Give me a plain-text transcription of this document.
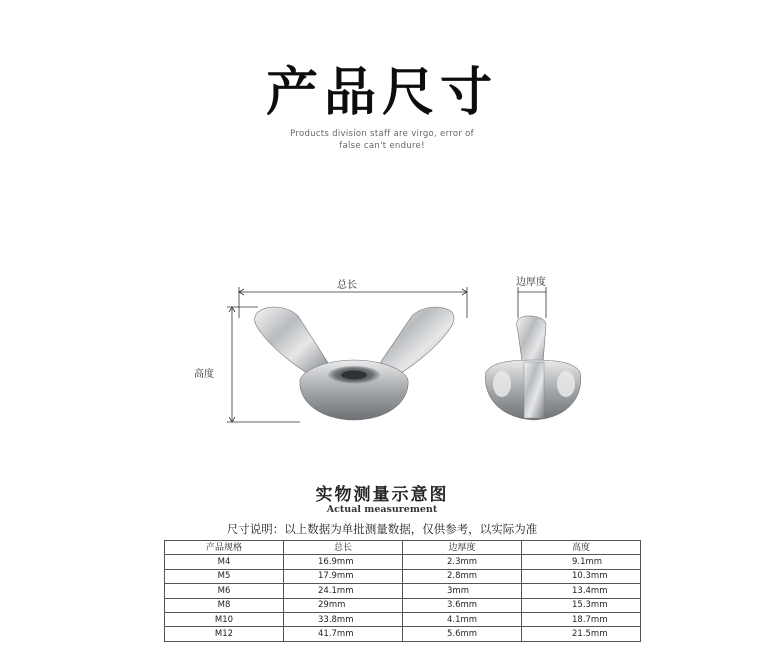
产品尺寸
Products division staff are virgo, error of
false can't endure!
总长
高度
边厚度
实物测量示意图
Actual measurement
尺寸说明：以上数据为单批测量数据，仅供参考，以实际为准
产品规格	总长	边厚度	高度
M4	16.9mm	2.3mm	9.1mm
M5	17.9mm	2.8mm	10.3mm
M6	24.1mm	3mm	13.4mm
M8	29mm	3.6mm	15.3mm
M10	33.8mm	4.1mm	18.7mm
M12	41.7mm	5.6mm	21.5mm
